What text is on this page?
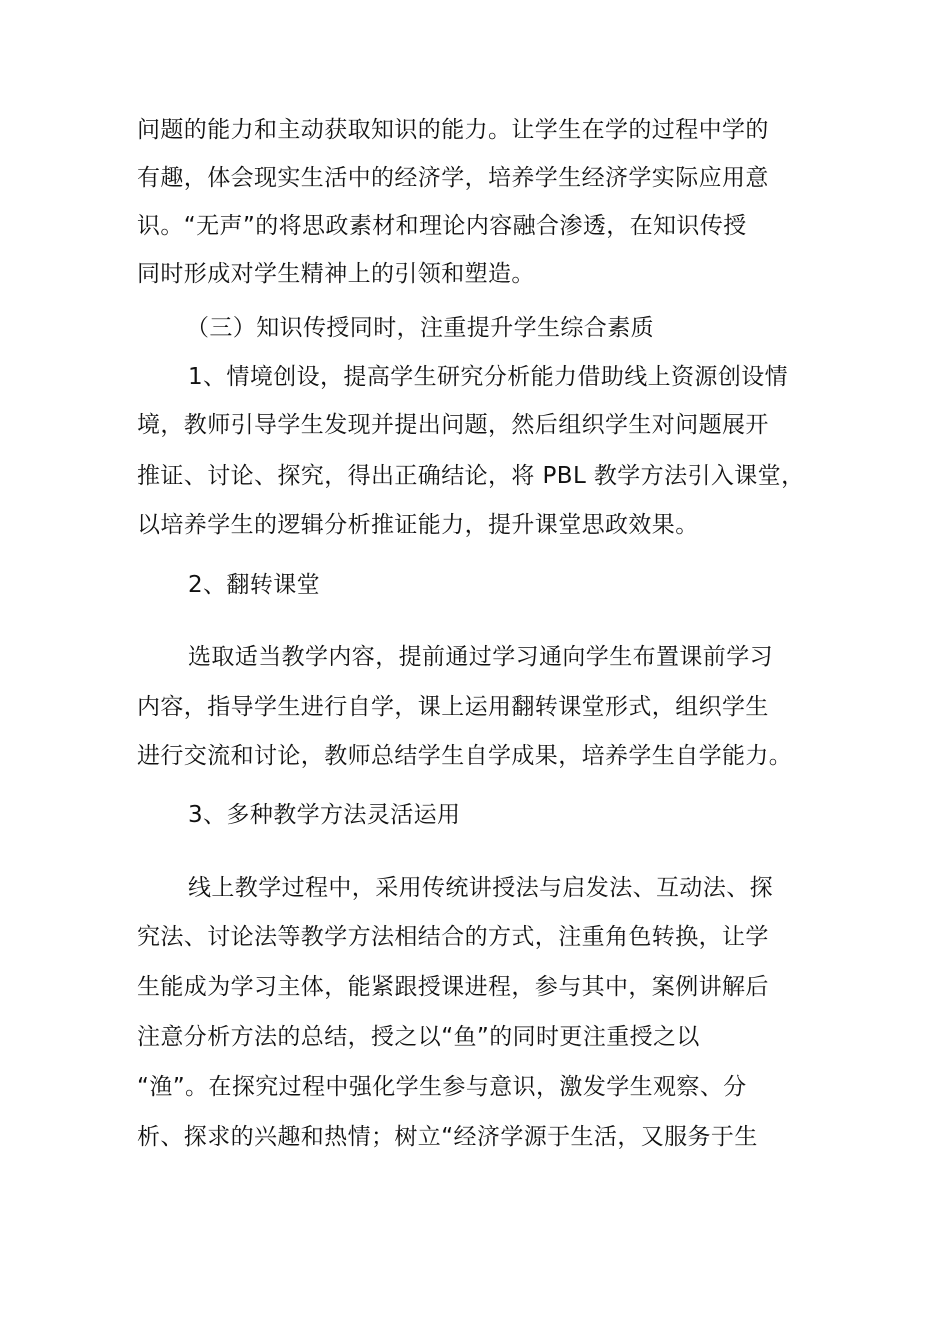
问题的能力和主动获取知识的能力。让学生在学的过程中学的
有趣，体会现实生活中的经济学，培养学生经济学实际应用意
识。“无声”的将思政素材和理论内容融合渗透，在知识传授
同时形成对学生精神上的引领和塑造。
（三）知识传授同时，注重提升学生综合素质
1、情境创设，提高学生研究分析能力借助线上资源创设情
境，教师引导学生发现并提出问题，然后组织学生对问题展开
推证、讨论、探究，得出正确结论，将 PBL 教学方法引入课堂，
以培养学生的逻辑分析推证能力，提升课堂思政效果。
2、翻转课堂
选取适当教学内容，提前通过学习通向学生布置课前学习
内容，指导学生进行自学，课上运用翻转课堂形式，组织学生
进行交流和讨论，教师总结学生自学成果，培养学生自学能力。
3、多种教学方法灵活运用
线上教学过程中，采用传统讲授法与启发法、互动法、探
究法、讨论法等教学方法相结合的方式，注重角色转换，让学
生能成为学习主体，能紧跟授课进程，参与其中，案例讲解后
注意分析方法的总结，授之以“鱼”的同时更注重授之以
“渔”。在探究过程中强化学生参与意识，激发学生观察、分
析、探求的兴趣和热情；树立“经济学源于生活，又服务于生
